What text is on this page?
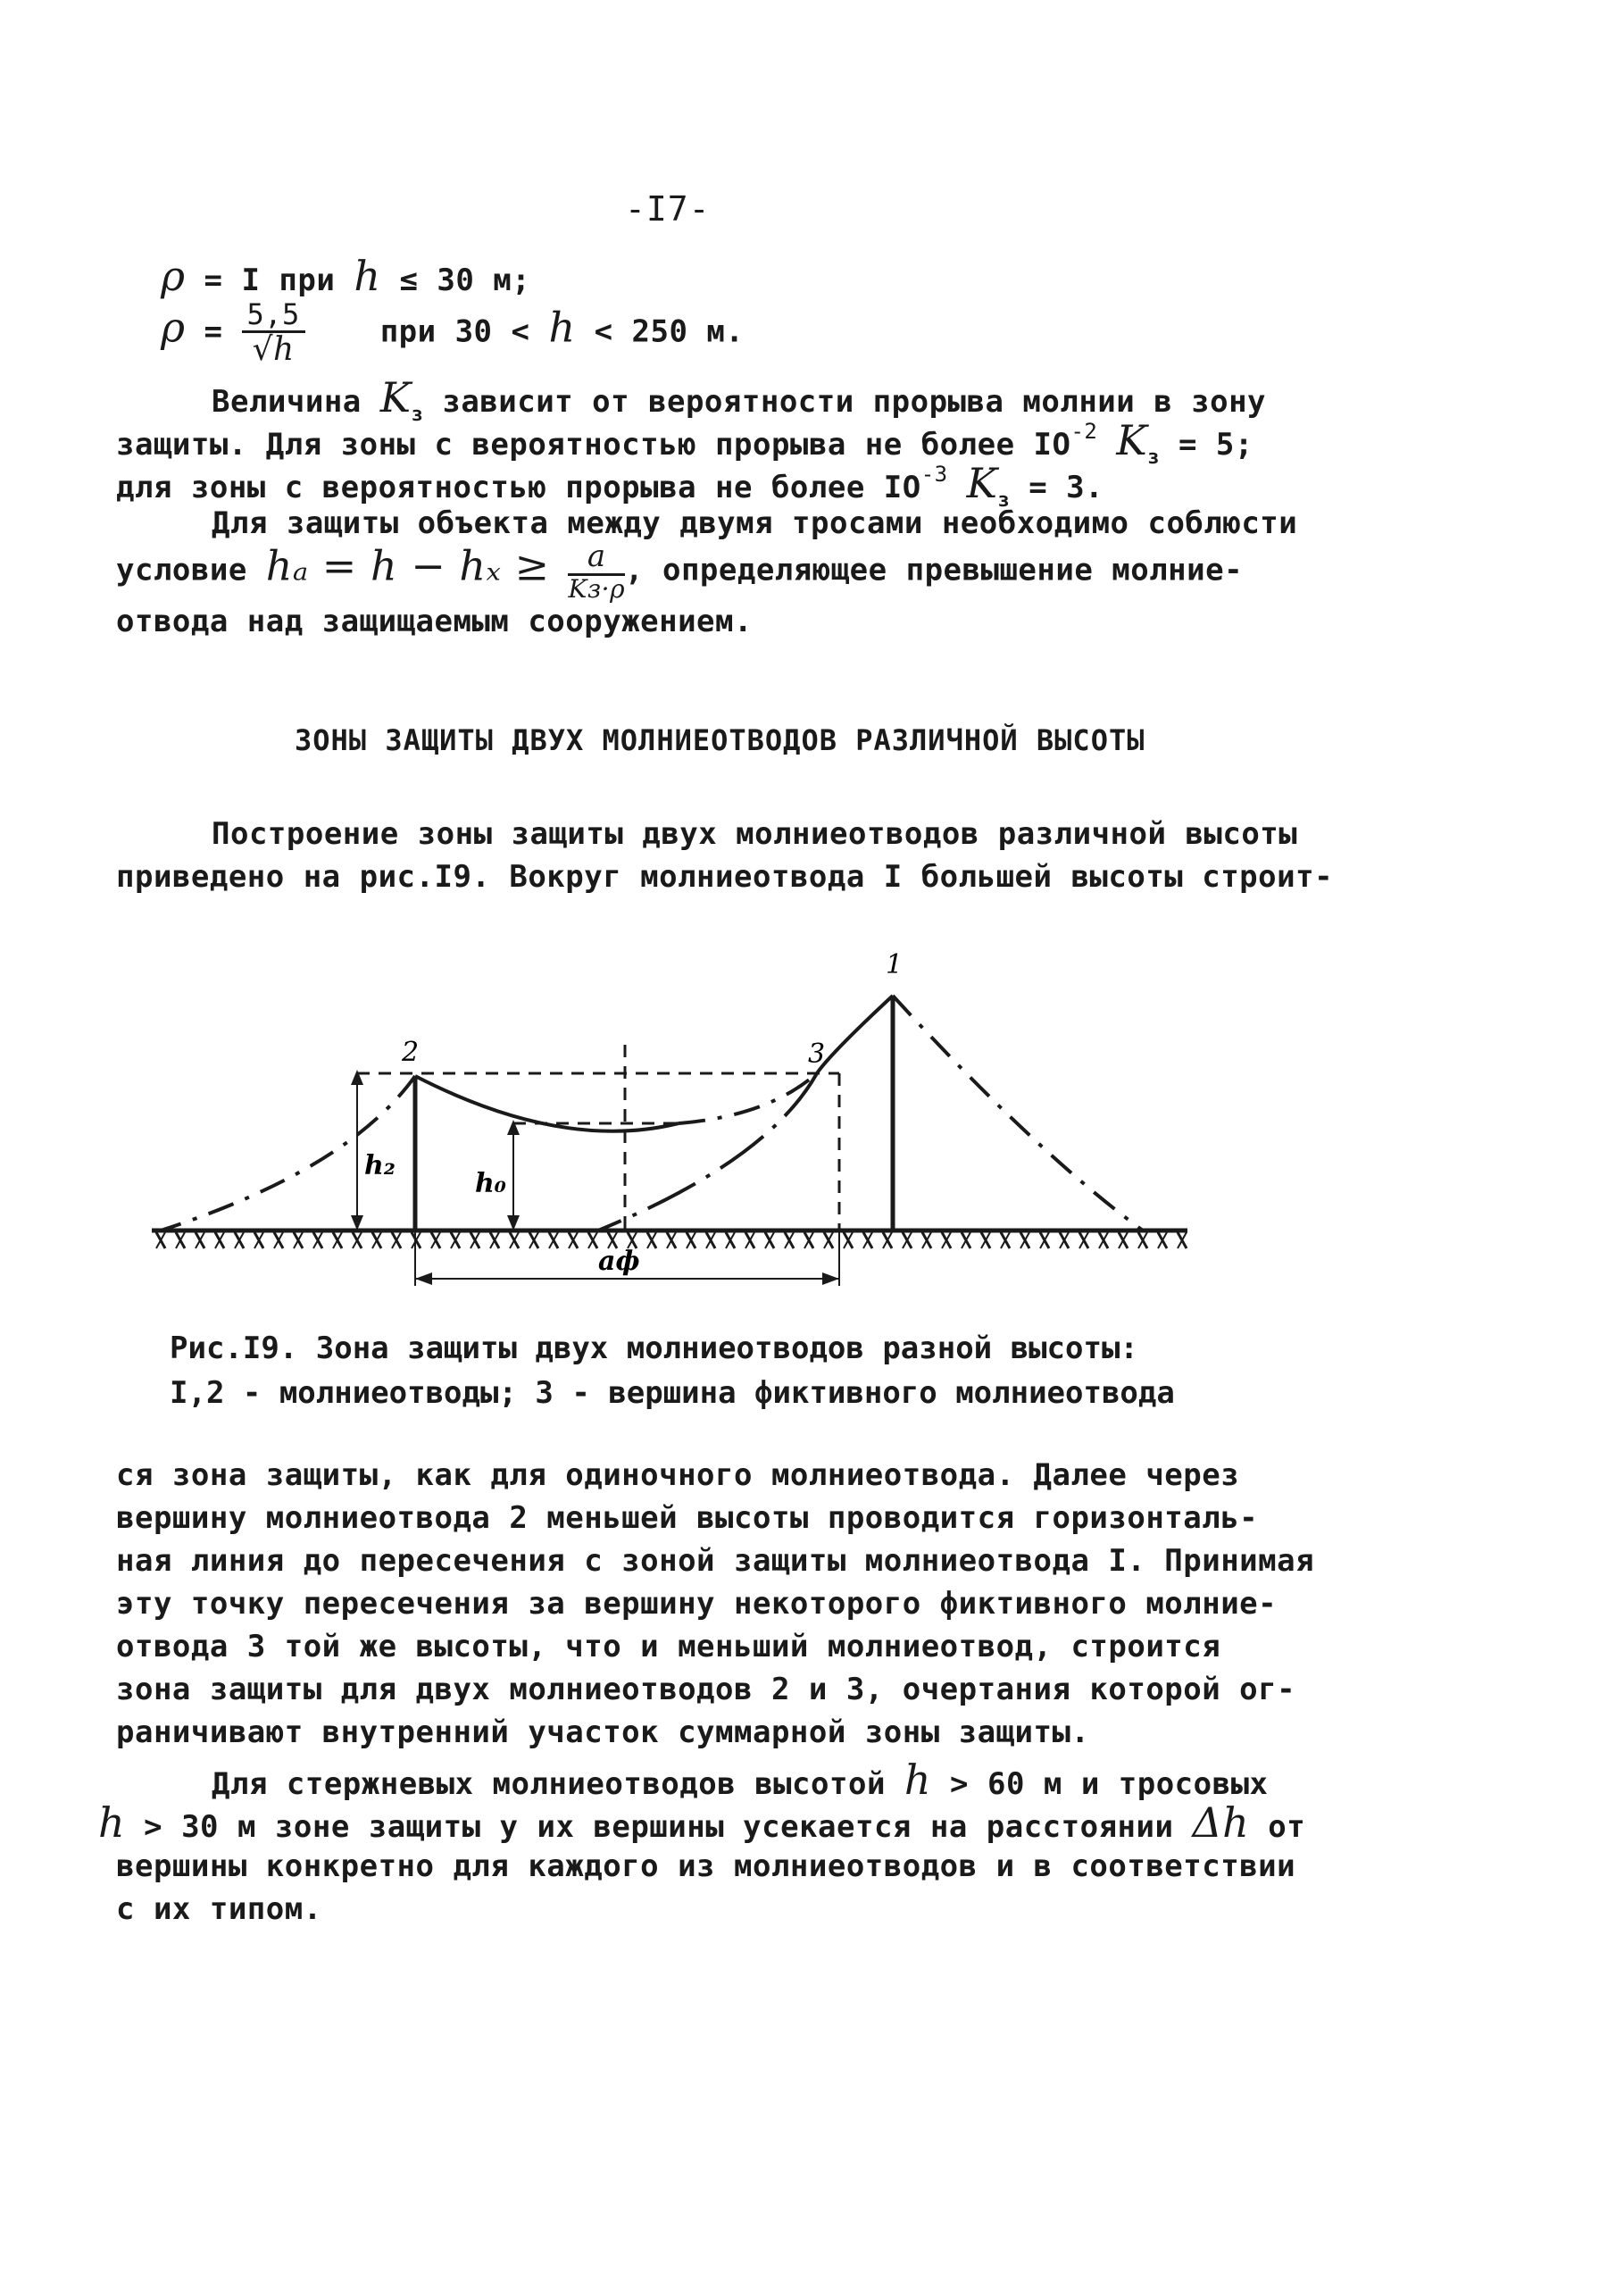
-I7-
ρ = I при h ≤ 30 м;
$\rho = \frac{5,5}{√h}$ при 30 < h < 250 м.
Величина $K_з$ зависит от вероятности прорыва молнии в зону
защиты. Для зоны с вероятностью прорыва не более $IO^{-2}$ $K_з = 5$;
для зоны с вероятностью прорыва не более $IO^{-3}$ $K_з = 3$.
Для защиты объекта между двумя тросами необходимо соблюсти
условие $h_a = h - h_x \ge \frac{a}{Kз\cdot\rho}$ , определяющее превышение молние-
отвода над защищаемым сооружением.
ЗОНЫ ЗАЩИТЫ ДВУХ МОЛНИЕОТВОДОВ РАЗЛИЧНОЙ ВЫСОТЫ
Построение зоны защиты двух молниеотводов различной высоты
приведено на рис.I9. Вокруг молниеотвода I большей высоты строит-
1
2	3
h₂
h₀
aф
Рис.I9. Зона защиты двух молниеотводов разной высоты:
I,2 - молниеотводы; 3 - вершина фиктивного молниеотвода
ся зона защиты, как для одиночного молниеотвода. Далее через
вершину молниеотвода 2 меньшей высоты проводится горизонталь-
ная линия до пересечения с зоной защиты молниеотвода I. Принимая
эту точку пересечения за вершину некоторого фиктивного молние-
отвода 3 той же высоты, что и меньший молниеотвод, строится
зона защиты для двух молниеотводов 2 и 3, очертания которой ог-
раничивают внутренний участок суммарной зоны защиты.
Для стержневых молниеотводов высотой h > 60 м и тросовых
h > 30 м зоне защиты у их вершины усекается на расстоянии Δh от
вершины конкретно для каждого из молниеотводов и в соответствии
с их типом.
